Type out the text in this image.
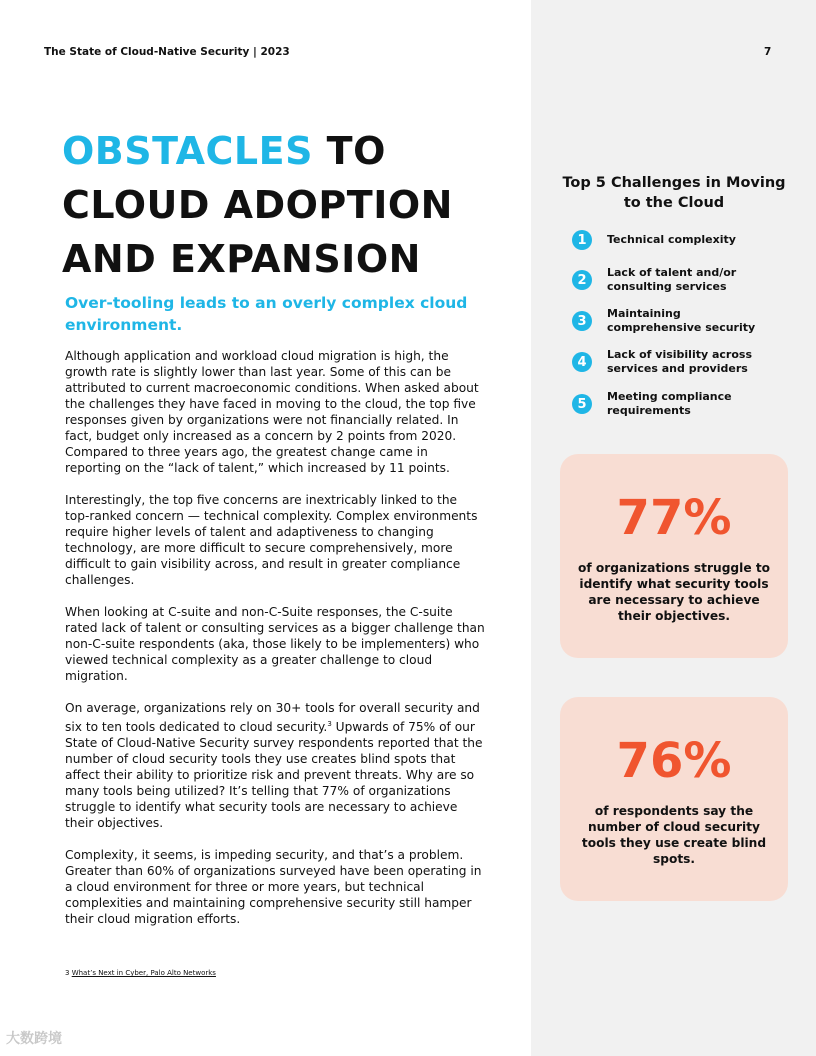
The State of Cloud-Native Security | 2023	7
OBSTACLES TO
CLOUD ADOPTION
AND EXPANSION
Over-tooling leads to an overly complex cloud environment.

Although application and workload cloud migration is high, the growth rate is slightly lower than last year. Some of this can be attributed to current macroeconomic conditions. When asked about the challenges they have faced in moving to the cloud, the top five responses given by organizations were not financially related. In fact, budget only increased as a concern by 2 points from 2020. Compared to three years ago, the greatest change came in reporting on the “lack of talent,” which increased by 11 points.

Interestingly, the top five concerns are inextricably linked to the top-ranked concern — technical complexity. Complex environments require higher levels of talent and adaptiveness to changing technology, are more difficult to secure comprehensively, more difficult to gain visibility across, and result in greater compliance challenges.

When looking at C-suite and non-C-Suite responses, the C-suite rated lack of talent or consulting services as a bigger challenge than non-C-suite respondents (aka, those likely to be implementers) who viewed technical complexity as a greater challenge to cloud migration.

On average, organizations rely on 30+ tools for overall security and six to ten tools dedicated to cloud security.$^3$ Upwards of 75% of our State of Cloud-Native Security survey respondents reported that the number of cloud security tools they use creates blind spots that affect their ability to prioritize risk and prevent threats. Why are so many tools being utilized? It’s telling that 77% of organizations struggle to identify what security tools are necessary to achieve their objectives.

Complexity, it seems, is impeding security, and that’s a problem. Greater than 60% of organizations surveyed have been operating in a cloud environment for three or more years, but technical complexities and maintaining comprehensive security still hamper their cloud migration efforts.

3 What’s Next in Cyber, Palo Alto Networks
大数跨境
Top 5 Challenges in Moving to the Cloud
1	Technical complexity
2	Lack of talent and/or consulting services
3	Maintaining comprehensive security
4	Lack of visibility across services and providers
5	Meeting compliance requirements
77%
of organizations struggle to identify what security tools are necessary to achieve their objectives.
76%
of respondents say the number of cloud security tools they use create blind spots.
